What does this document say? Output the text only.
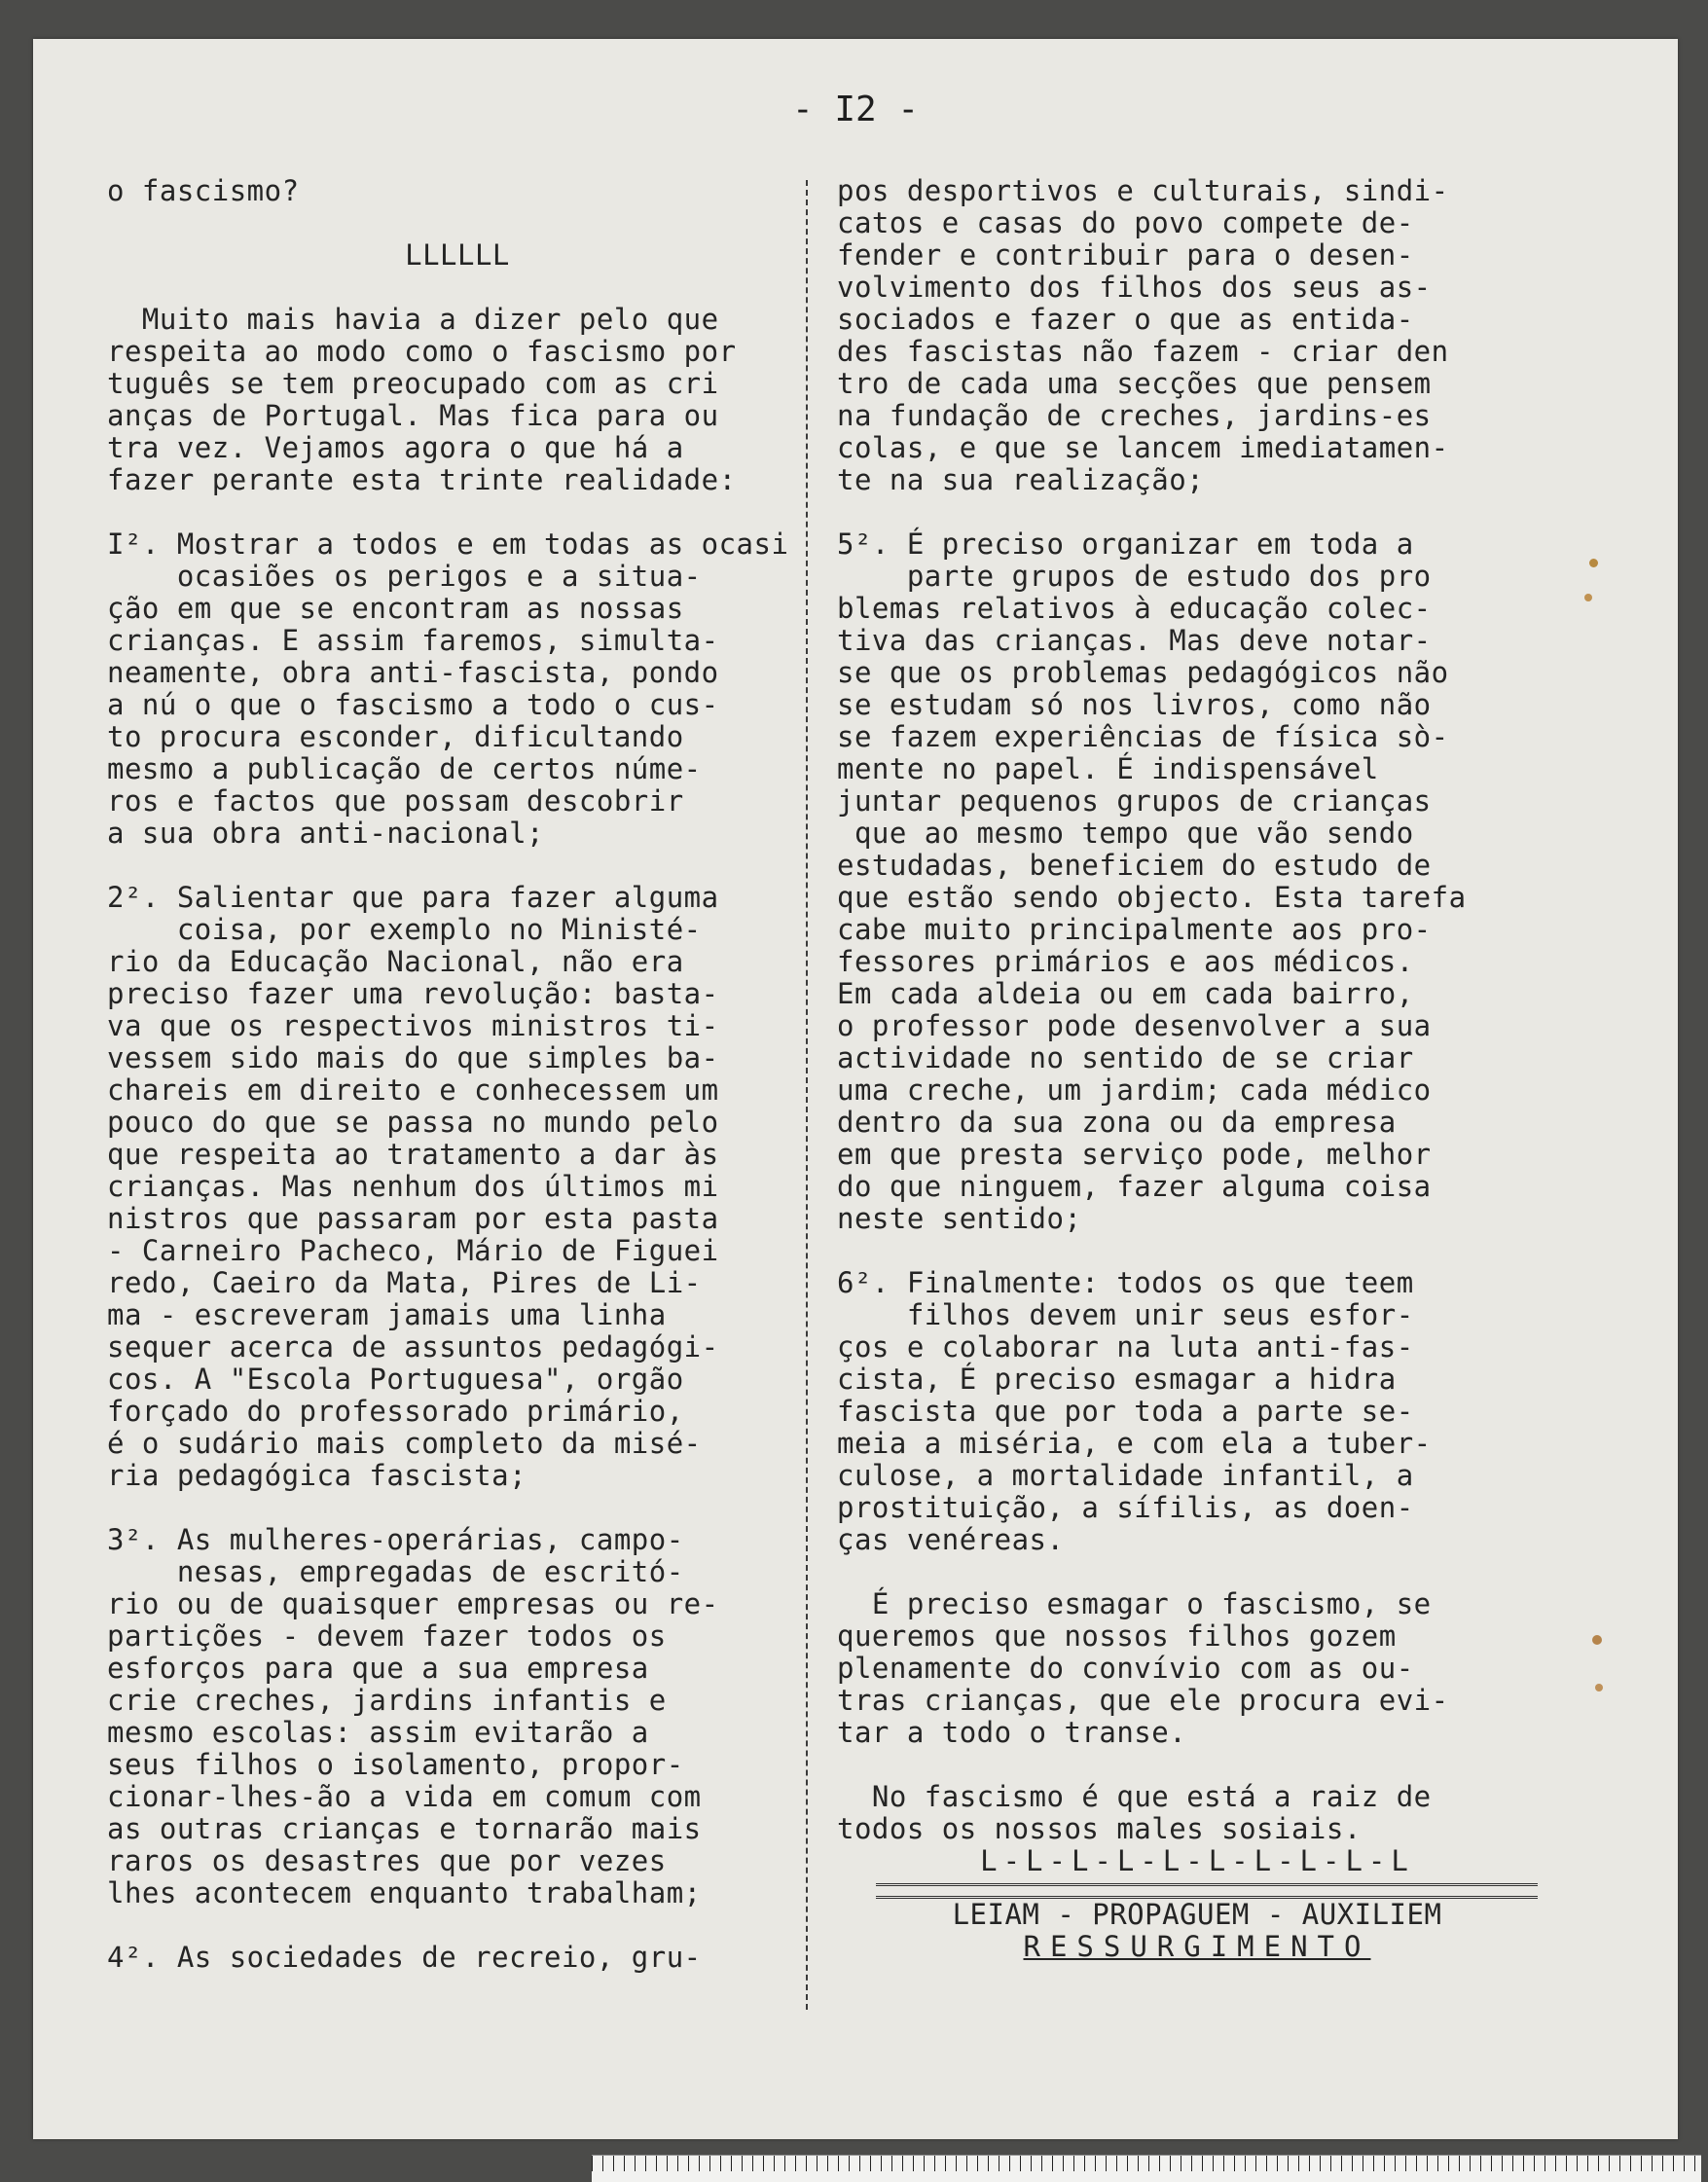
- I2 -

o fascismo?

LLLLLL

Muito mais havia a dizer pelo que
respeita ao modo como o fascismo por
tuguês se tem preocupado com as cri
anças de Portugal. Mas fica para ou
tra vez. Vejamos agora o que há a
fazer perante esta trinte realidade:

I². Mostrar a todos e em todas as ocasi
ocasiões os perigos e a situa-
ção em que se encontram as nossas
crianças. E assim faremos, simulta-
neamente, obra anti-fascista, pondo
a nú o que o fascismo a todo o cus-
to procura esconder, dificultando
mesmo a publicação de certos núme-
ros e factos que possam descobrir
a sua obra anti-nacional;

2². Salientar que para fazer alguma
coisa, por exemplo no Ministé-
rio da Educação Nacional, não era
preciso fazer uma revolução: basta-
va que os respectivos ministros ti-
vessem sido mais do que simples ba-
chareis em direito e conhecessem um
pouco do que se passa no mundo pelo
que respeita ao tratamento a dar às
crianças. Mas nenhum dos últimos mi
nistros que passaram por esta pasta
- Carneiro Pacheco, Mário de Figuei
redo, Caeiro da Mata, Pires de Li-
ma - escreveram jamais uma linha
sequer acerca de assuntos pedagógi-
cos. A "Escola Portuguesa", orgão
forçado do professorado primário,
é o sudário mais completo da misé-
ria pedagógica fascista;

3². As mulheres-operárias, campo-
nesas, empregadas de escritó-
rio ou de quaisquer empresas ou re-
partições - devem fazer todos os
esforços para que a sua empresa
crie creches, jardins infantis e
mesmo escolas: assim evitarão a
seus filhos o isolamento, propor-
cionar-lhes-ão a vida em comum com
as outras crianças e tornarão mais
raros os desastres que por vezes
lhes acontecem enquanto trabalham;

4². As sociedades de recreio, gru-

pos desportivos e culturais, sindi-
catos e casas do povo compete de-
fender e contribuir para o desen-
volvimento dos filhos dos seus as-
sociados e fazer o que as entida-
des fascistas não fazem - criar den
tro de cada uma secções que pensem
na fundação de creches, jardins-es
colas, e que se lancem imediatamen-
te na sua realização;

5². É preciso organizar em toda a
parte grupos de estudo dos pro
blemas relativos à educação colec-
tiva das crianças. Mas deve notar-
se que os problemas pedagógicos não
se estudam só nos livros, como não
se fazem experiências de física sò-
mente no papel. É indispensável
juntar pequenos grupos de crianças
que ao mesmo tempo que vão sendo
estudadas, beneficiem do estudo de
que estão sendo objecto. Esta tarefa
cabe muito principalmente aos pro-
fessores primários e aos médicos.
Em cada aldeia ou em cada bairro,
o professor pode desenvolver a sua
actividade no sentido de se criar
uma creche, um jardim; cada médico
dentro da sua zona ou da empresa
em que presta serviço pode, melhor
do que ninguem, fazer alguma coisa
neste sentido;

6². Finalmente: todos os que teem
filhos devem unir seus esfor-
ços e colaborar na luta anti-fas-
cista, É preciso esmagar a hidra
fascista que por toda a parte se-
meia a miséria, e com ela a tuber-
culose, a mortalidade infantil, a
prostituição, a sífilis, as doen-
ças venéreas.

É preciso esmagar o fascismo, se
queremos que nossos filhos gozem
plenamente do convívio com as ou-
tras crianças, que ele procura evi-
tar a todo o transe.

No fascismo é que está a raiz de
todos os nossos males sosiais.

L-L-L-L-L-L-L-L-L-L

LEIAM - PROPAGUEM - AUXILIEM

RESSURGIMENTO
